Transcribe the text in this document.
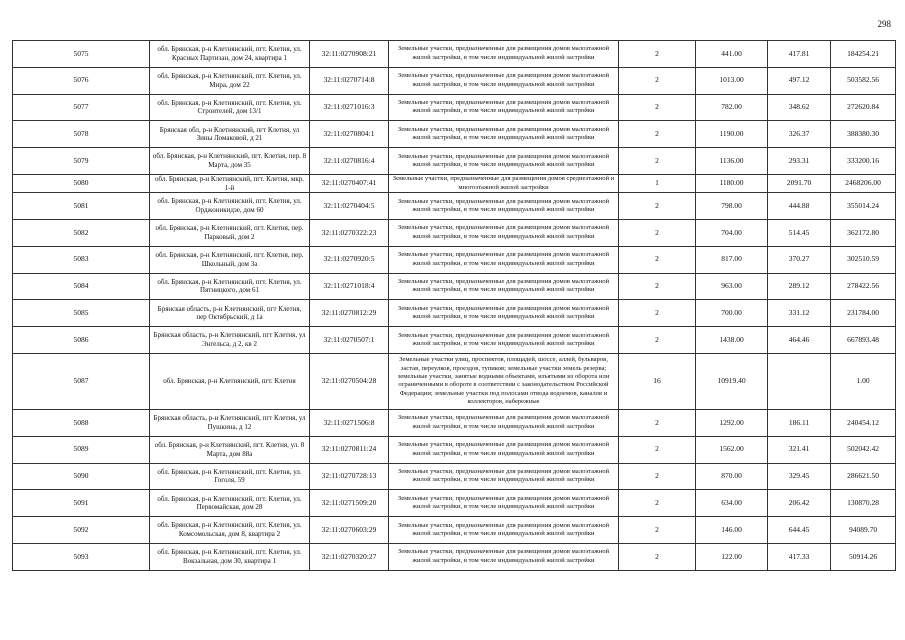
298
5075	обл. Брянская, р-н Клетнянский, пгт. Клетня, ул. Красных Партизан, дом 24, квартира 1	32:11:0270908:21	Земельные участки, предназначенные для размещения домов малоэтажной жилой застройки, в том числе индивидуальной жилой застройки	2	441.00	417.81	184254.21
5076	обл. Брянская, р-н Клетнянский, пгт. Клетня, ул. Мира, дом 22	32:11:0270714:8	Земельные участки, предназначенные для размещения домов малоэтажной жилой застройки, в том числе индивидуальной жилой застройки	2	1013.00	497.12	503582.56
5077	обл. Брянская, р-н Клетнянский, пгт. Клетня, ул. Строителей, дом 13/1	32:11:0271016:3	Земельные участки, предназначенные для размещения домов малоэтажной жилой застройки, в том числе индивидуальной жилой застройки	2	782.00	348.62	272620.84
5078	Брянская обл, р-н Клетнянский, пгт Клетня, ул Зины Ломаковой, д 21	32:11:0270804:1	Земельные участки, предназначенные для размещения домов малоэтажной жилой застройки, в том числе индивидуальной жилой застройки	2	1190.00	326.37	388380.30
5079	обл. Брянская, р-н Клетнянский, пгт. Клетня, пер. 8 Марта, дом 35	32:11:0270816:4	Земельные участки, предназначенные для размещения домов малоэтажной жилой застройки, в том числе индивидуальной жилой застройки	2	1136.00	293.31	333200.16
5080	обл. Брянская, р-н Клетнянский, пгт. Клетня, мкр. 1-й	32:11:0270407:41	Земельные участки, предназначенные для размещения домов среднеэтажной и многоэтажной жилой застройки	1	1180.00	2091.70	2468206.00
5081	обл. Брянская, р-н Клетнянский, пгт. Клетня, ул. Орджоникидзе, дом 60	32:11:0270404:5	Земельные участки, предназначенные для размещения домов малоэтажной жилой застройки, в том числе индивидуальной жилой застройки	2	798.00	444.88	355014.24
5082	обл. Брянская, р-н Клетнянский, пгт. Клетня, пер. Парковый, дом 2	32:11:0270322:23	Земельные участки, предназначенные для размещения домов малоэтажной жилой застройки, в том числе индивидуальной жилой застройки	2	704.00	514.45	362172.80
5083	обл. Брянская, р-н Клетнянский, пгт. Клетня, пер. Школьный, дом 3а	32:11:0270920:5	Земельные участки, предназначенные для размещения домов малоэтажной жилой застройки, в том числе индивидуальной жилой застройки	2	817.00	370.27	302510.59
5084	обл. Брянская, р-н Клетнянский, пгт. Клетня, ул. Пятницкого, дом 61	32:11:0271018:4	Земельные участки, предназначенные для размещения домов малоэтажной жилой застройки, в том числе индивидуальной жилой застройки	2	963.00	289.12	278422.56
5085	Брянская область, р-н Клетнянский, пгт Клетня, пер Октябрьский, д 1а	32:11:0270812:29	Земельные участки, предназначенные для размещения домов малоэтажной жилой застройки, в том числе индивидуальной жилой застройки	2	700.00	331.12	231784.00
5086	Брянская область, р-н Клетнянский, пгт Клетня, ул Энгельса, д 2, кв 2	32:11:0270507:1	Земельные участки, предназначенные для размещения домов малоэтажной жилой застройки, в том числе индивидуальной жилой застройки	2	1438.00	464.46	667893.48
5087	обл. Брянская, р-н Клетнянский, пгт. Клетня	32:11:0270504:28	Земельные участки улиц, проспектов, площадей, шоссе, аллей, бульваров, застав, переулков, проездов, тупиков; земельные участки земель резерва; земельные участки, занятые водными объектами, изъятыми из оборота или ограниченными в обороте в соответствии с законодательством Российской Федерации; земельные участки под полосами отвода водоемов, каналов и коллекторов, набережные	16	10919.40		1.00
5088	Брянская область, р-н Клетнянский, пгт Клетня, ул Пушкина, д 12	32:11:0271506:8	Земельные участки, предназначенные для размещения домов малоэтажной жилой застройки, в том числе индивидуальной жилой застройки	2	1292.00	186.11	240454.12
5089	обл. Брянская, р-н Клетнянский, пгт. Клетня, ул. 8 Марта, дом 88а	32:11:0270811:24	Земельные участки, предназначенные для размещения домов малоэтажной жилой застройки, в том числе индивидуальной жилой застройки	2	1562.00	321.41	502042.42
5090	обл. Брянская, р-н Клетнянский, пгт. Клетня, ул. Гоголя, 59	32:11:0270728:13	Земельные участки, предназначенные для размещения домов малоэтажной жилой застройки, в том числе индивидуальной жилой застройки	2	870.00	329.45	286621.50
5091	обл. Брянская, р-н Клетнянский, пгт. Клетня, ул. Первомайская, дом 28	32:11:0271509:20	Земельные участки, предназначенные для размещения домов малоэтажной жилой застройки, в том числе индивидуальной жилой застройки	2	634.00	206.42	130870.28
5092	обл. Брянская, р-н Клетнянский, пгт. Клетня, ул. Комсомольская, дом 8, квартира 2	32:11:0270603:29	Земельные участки, предназначенные для размещения домов малоэтажной жилой застройки, в том числе индивидуальной жилой застройки	2	146.00	644.45	94089.70
5093	обл. Брянская, р-н Клетнянский, пгт. Клетня, ул. Вокзальная, дом 30, квартира 1	32:11:0270320:27	Земельные участки, предназначенные для размещения домов малоэтажной жилой застройки, в том числе индивидуальной жилой застройки	2	122.00	417.33	50914.26
